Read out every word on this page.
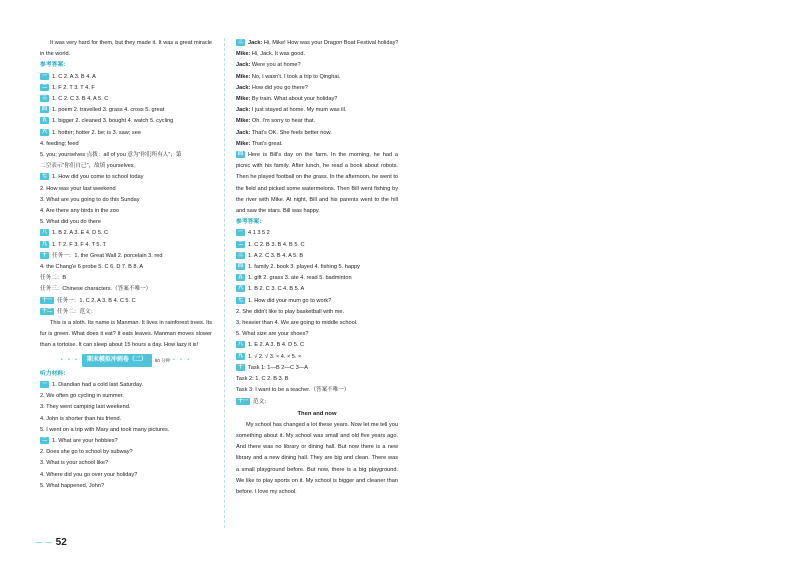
It was very hard for them, but they made it. It was a great miracle in the world.
参考答案：
一 1. C 2. A 3. B 4. A
二 1. F 2. T 3. T 4. F
三 1. C 2. C 3. B 4. A 5. C
四 1. poem 2. travelled 3. grass 4. cross 5. great
五 1. bigger 2. cleaned 3. bought 4. watch 5. cycling
六 1. hotter; hotter 2. be; is 3. saw; see
4. feeding; feed
5. you; yourselves 点拨：all of you 意为“你们所有人”；第
二空表示“你们自己”，故填 yourselves。
七 1. How did you come to school today
2. How was your last weekend
3. What are you going to do this Sunday
4. Are there any birds in the zoo
5. What did you do there
八 1. B 2. A 3. E 4. D 5. C
九 1. T 2. F 3. F 4. T 5. T
十 任务一：1. the Great Wall 2. porcelain 3. red
4. the Chang'e 6 probe 5. C 6. D 7. B 8. A
任务二：B
任务三：Chinese characters.（答案不唯一）
十一 任务一：1. C 2. A 3. B 4. C 5. C
十二 任务二：范文：
This is a sloth. Its name is Manman. It lives in rainforest trees. Its fur is green. What does it eat? It eats leaves. Manman moves slower than a tortoise. It can sleep about 15 hours a day. How lazy it is!
• • •	期末模拟冲刺卷（二）	50 分钟 • • •
听力材料：
一 1. Diandian had a cold last Saturday.
2. We often go cycling in summer.
3. They went camping last weekend.
4. John is shorter than his friend.
5. I went on a trip with Mary and took many pictures.
二 1. What are your hobbies?
2. Does she go to school by subway?
3. What is your school like?
4. Where did you go over your holiday?
5. What happened, John?
三 Jack: Hi, Mike! How was your Dragon Boat Festival holiday?
Mike: Hi, Jack. It was good.
Jack: Were you at home?
Mike: No, I wasn't. I took a trip to Qinghai.
Jack: How did you go there?
Mike: By train. What about your holiday?
Jack: I just stayed at home. My mum was ill.
Mike: Oh. I'm sorry to hear that.
Jack: That's OK. She feels better now.
Mike: That's great.
四 Here is Bill's day on the farm. In the morning, he had a picnic with his family. After lunch, he read a book about robots. Then he played football on the grass. In the afternoon, he went to the field and picked some watermelons. Then Bill went fishing by the river with Mike. At night, Bill and his parents went to the hill and saw the stars. Bill was happy.
参考答案：
一 4 1 3 5 2
二 1. C 2. B 3. B 4. B 5. C
三 1. A 2. C 3. B 4. A 5. B
四 1. family 2. book 3. played 4. fishing 5. happy
五 1. gift 2. grass 3. ate 4. read 5. badminton
六 1. B 2. C 3. C 4. B 5. A
七 1. How did your mum go to work?
2. She didn't like to play basketball with me.
3. heavier than 4. We are going to middle school.
5. What size are your shoes?
八 1. E 2. A 3. B 4. D 5. C
九 1. √ 2. √ 3. × 4. × 5. ×
十 Task 1: 1—B 2—C 3—A
Task 2: 1. C 2. B 3. B
Task 3: I want to be a teacher.（答案不唯一）
十一 范文：
Then and now
My school has changed a lot these years. Now let me tell you something about it. My school was small and old five years ago. And there was no library or dining hall. But now there is a new library and a new dining hall. They are big and clean. There was a small playground before. But now, there is a big playground. We like to play sports on it. My school is bigger and cleaner than before. I love my school.
— — 52
